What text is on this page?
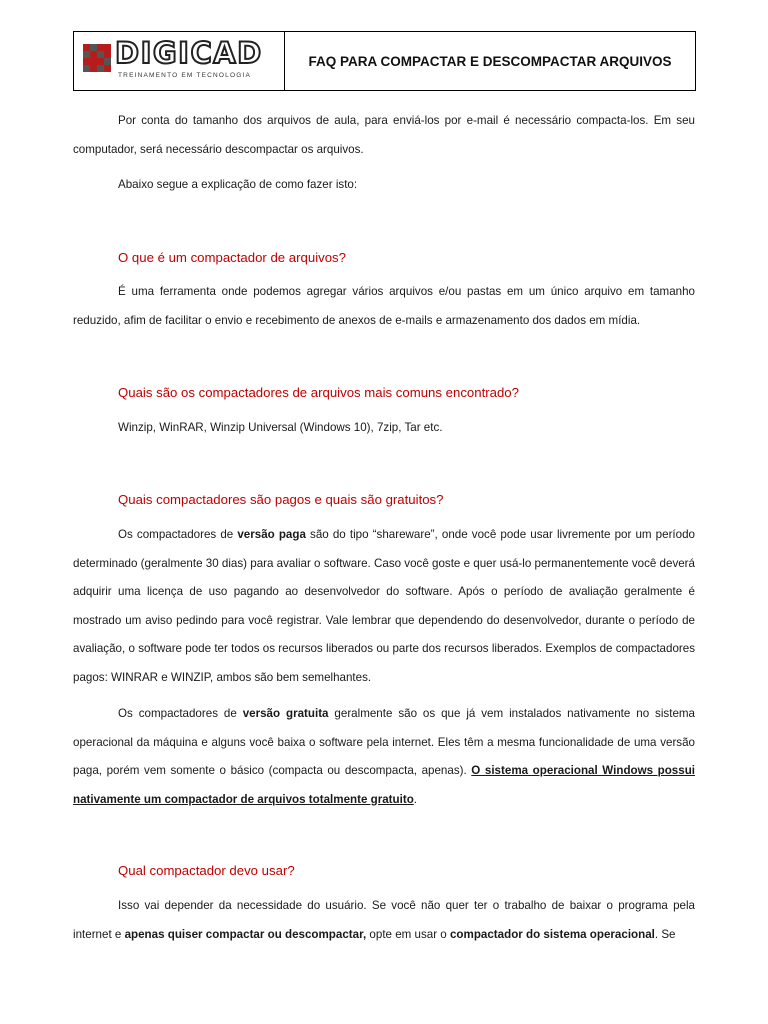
DIGICAD
TREINAMENTO EM TECNOLOGIA
FAQ PARA COMPACTAR E DESCOMPACTAR ARQUIVOS

Por conta do tamanho dos arquivos de aula, para enviá-los por e-mail é necessário compacta-los. Em seu computador, será necessário descompactar os arquivos.

Abaixo segue a explicação de como fazer isto:

O que é um compactador de arquivos?

É uma ferramenta onde podemos agregar vários arquivos e/ou pastas em um único arquivo em tamanho reduzido, afim de facilitar o envio e recebimento de anexos de e-mails e armazenamento dos dados em mídia.

Quais são os compactadores de arquivos mais comuns encontrado?

Winzip, WinRAR, Winzip Universal (Windows 10), 7zip, Tar etc.

Quais compactadores são pagos e quais são gratuitos?

Os compactadores de versão paga são do tipo “shareware”, onde você pode usar livremente por um período determinado (geralmente 30 dias) para avaliar o software. Caso você goste e quer usá-lo permanentemente você deverá adquirir uma licença de uso pagando ao desenvolvedor do software. Após o período de avaliação geralmente é mostrado um aviso pedindo para você registrar. Vale lembrar que dependendo do desenvolvedor, durante o período de avaliação, o software pode ter todos os recursos liberados ou parte dos recursos liberados. Exemplos de compactadores pagos: WINRAR e WINZIP, ambos são bem semelhantes.

Os compactadores de versão gratuita geralmente são os que já vem instalados nativamente no sistema operacional da máquina e alguns você baixa o software pela internet. Eles têm a mesma funcionalidade de uma versão paga, porém vem somente o básico (compacta ou descompacta, apenas). O sistema operacional Windows possui nativamente um compactador de arquivos totalmente gratuito.

Qual compactador devo usar?

Isso vai depender da necessidade do usuário. Se você não quer ter o trabalho de baixar o programa pela internet e apenas quiser compactar ou descompactar, opte em usar o compactador do sistema operacional. Se
